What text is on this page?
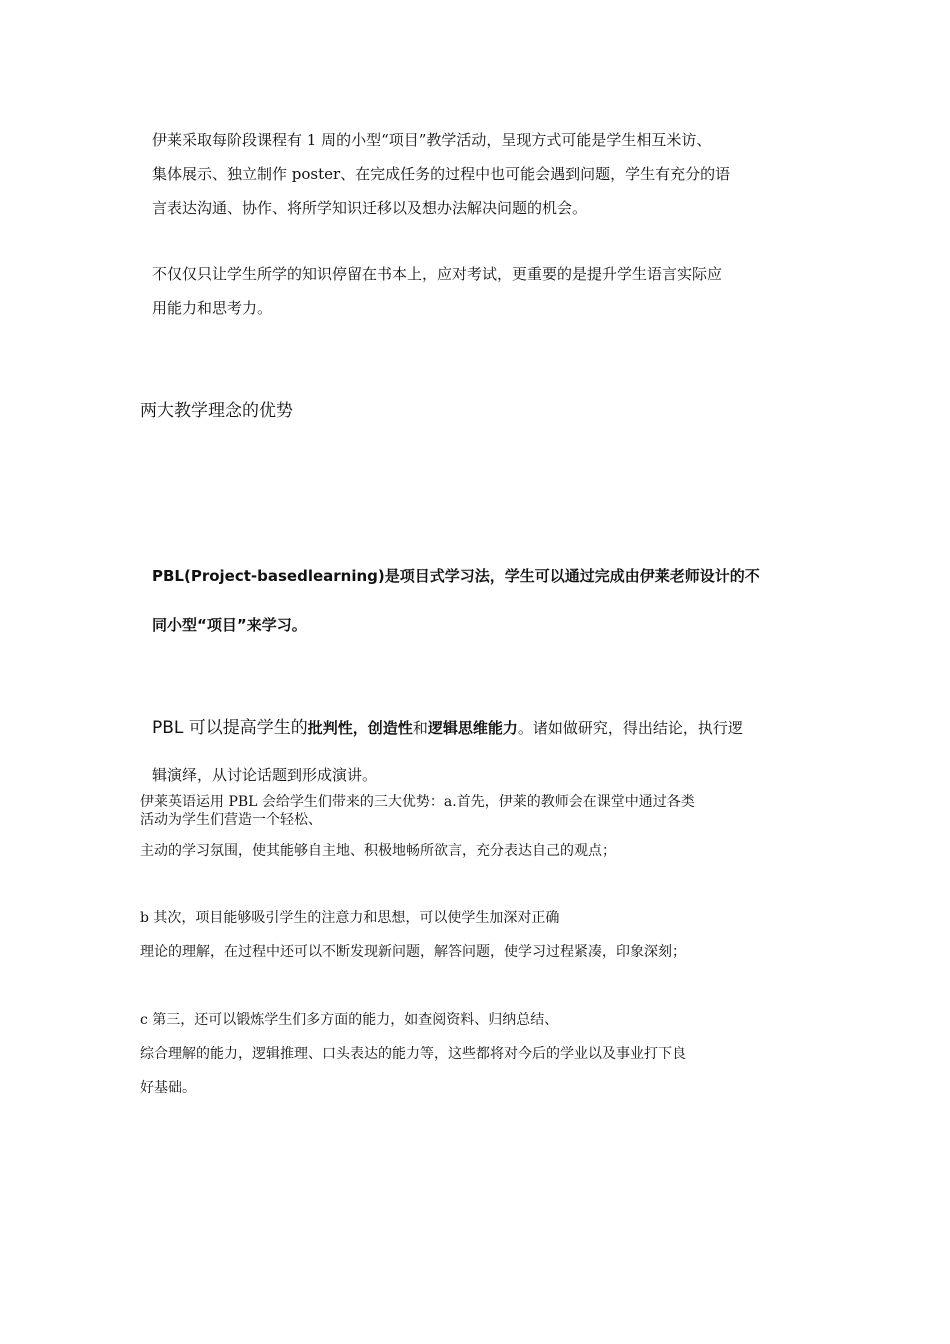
伊莱采取每阶段课程有 1 周的小型“项目”教学活动，呈现方式可能是学生相互米访、

集体展示、独立制作 poster、在完成任务的过程中也可能会遇到问题，学生有充分的语

言表达沟通、协作、将所学知识迁移以及想办法解决问题的机会。

不仅仅只让学生所学的知识停留在书本上，应对考试，更重要的是提升学生语言实际应

用能力和思考力。

两大教学理念的优势

PBL(Project-basedlearning)是项目式学习法，学生可以通过完成由伊莱老师设计的不

同小型“项目”来学习。

PBL 可以提高学生的批判性，创造性和逻辑思维能力。诸如做研究，得出结论，执行逻

辑演绎，从讨论话题到形成演讲。

伊莱英语运用 PBL 会给学生们带来的三大优势：a.首先，伊莱的教师会在课堂中通过各类

活动为学生们营造一个轻松、

主动的学习氛围，使其能够自主地、积极地畅所欲言，充分表达自己的观点；

b 其次，项目能够吸引学生的注意力和思想，可以使学生加深对正确

理论的理解，在过程中还可以不断发现新问题，解答问题，使学习过程紧凑，印象深刻；

c 第三，还可以锻炼学生们多方面的能力，如查阅资料、归纳总结、

综合理解的能力，逻辑推理、口头表达的能力等，这些都将对今后的学业以及事业打下良

好基础。
